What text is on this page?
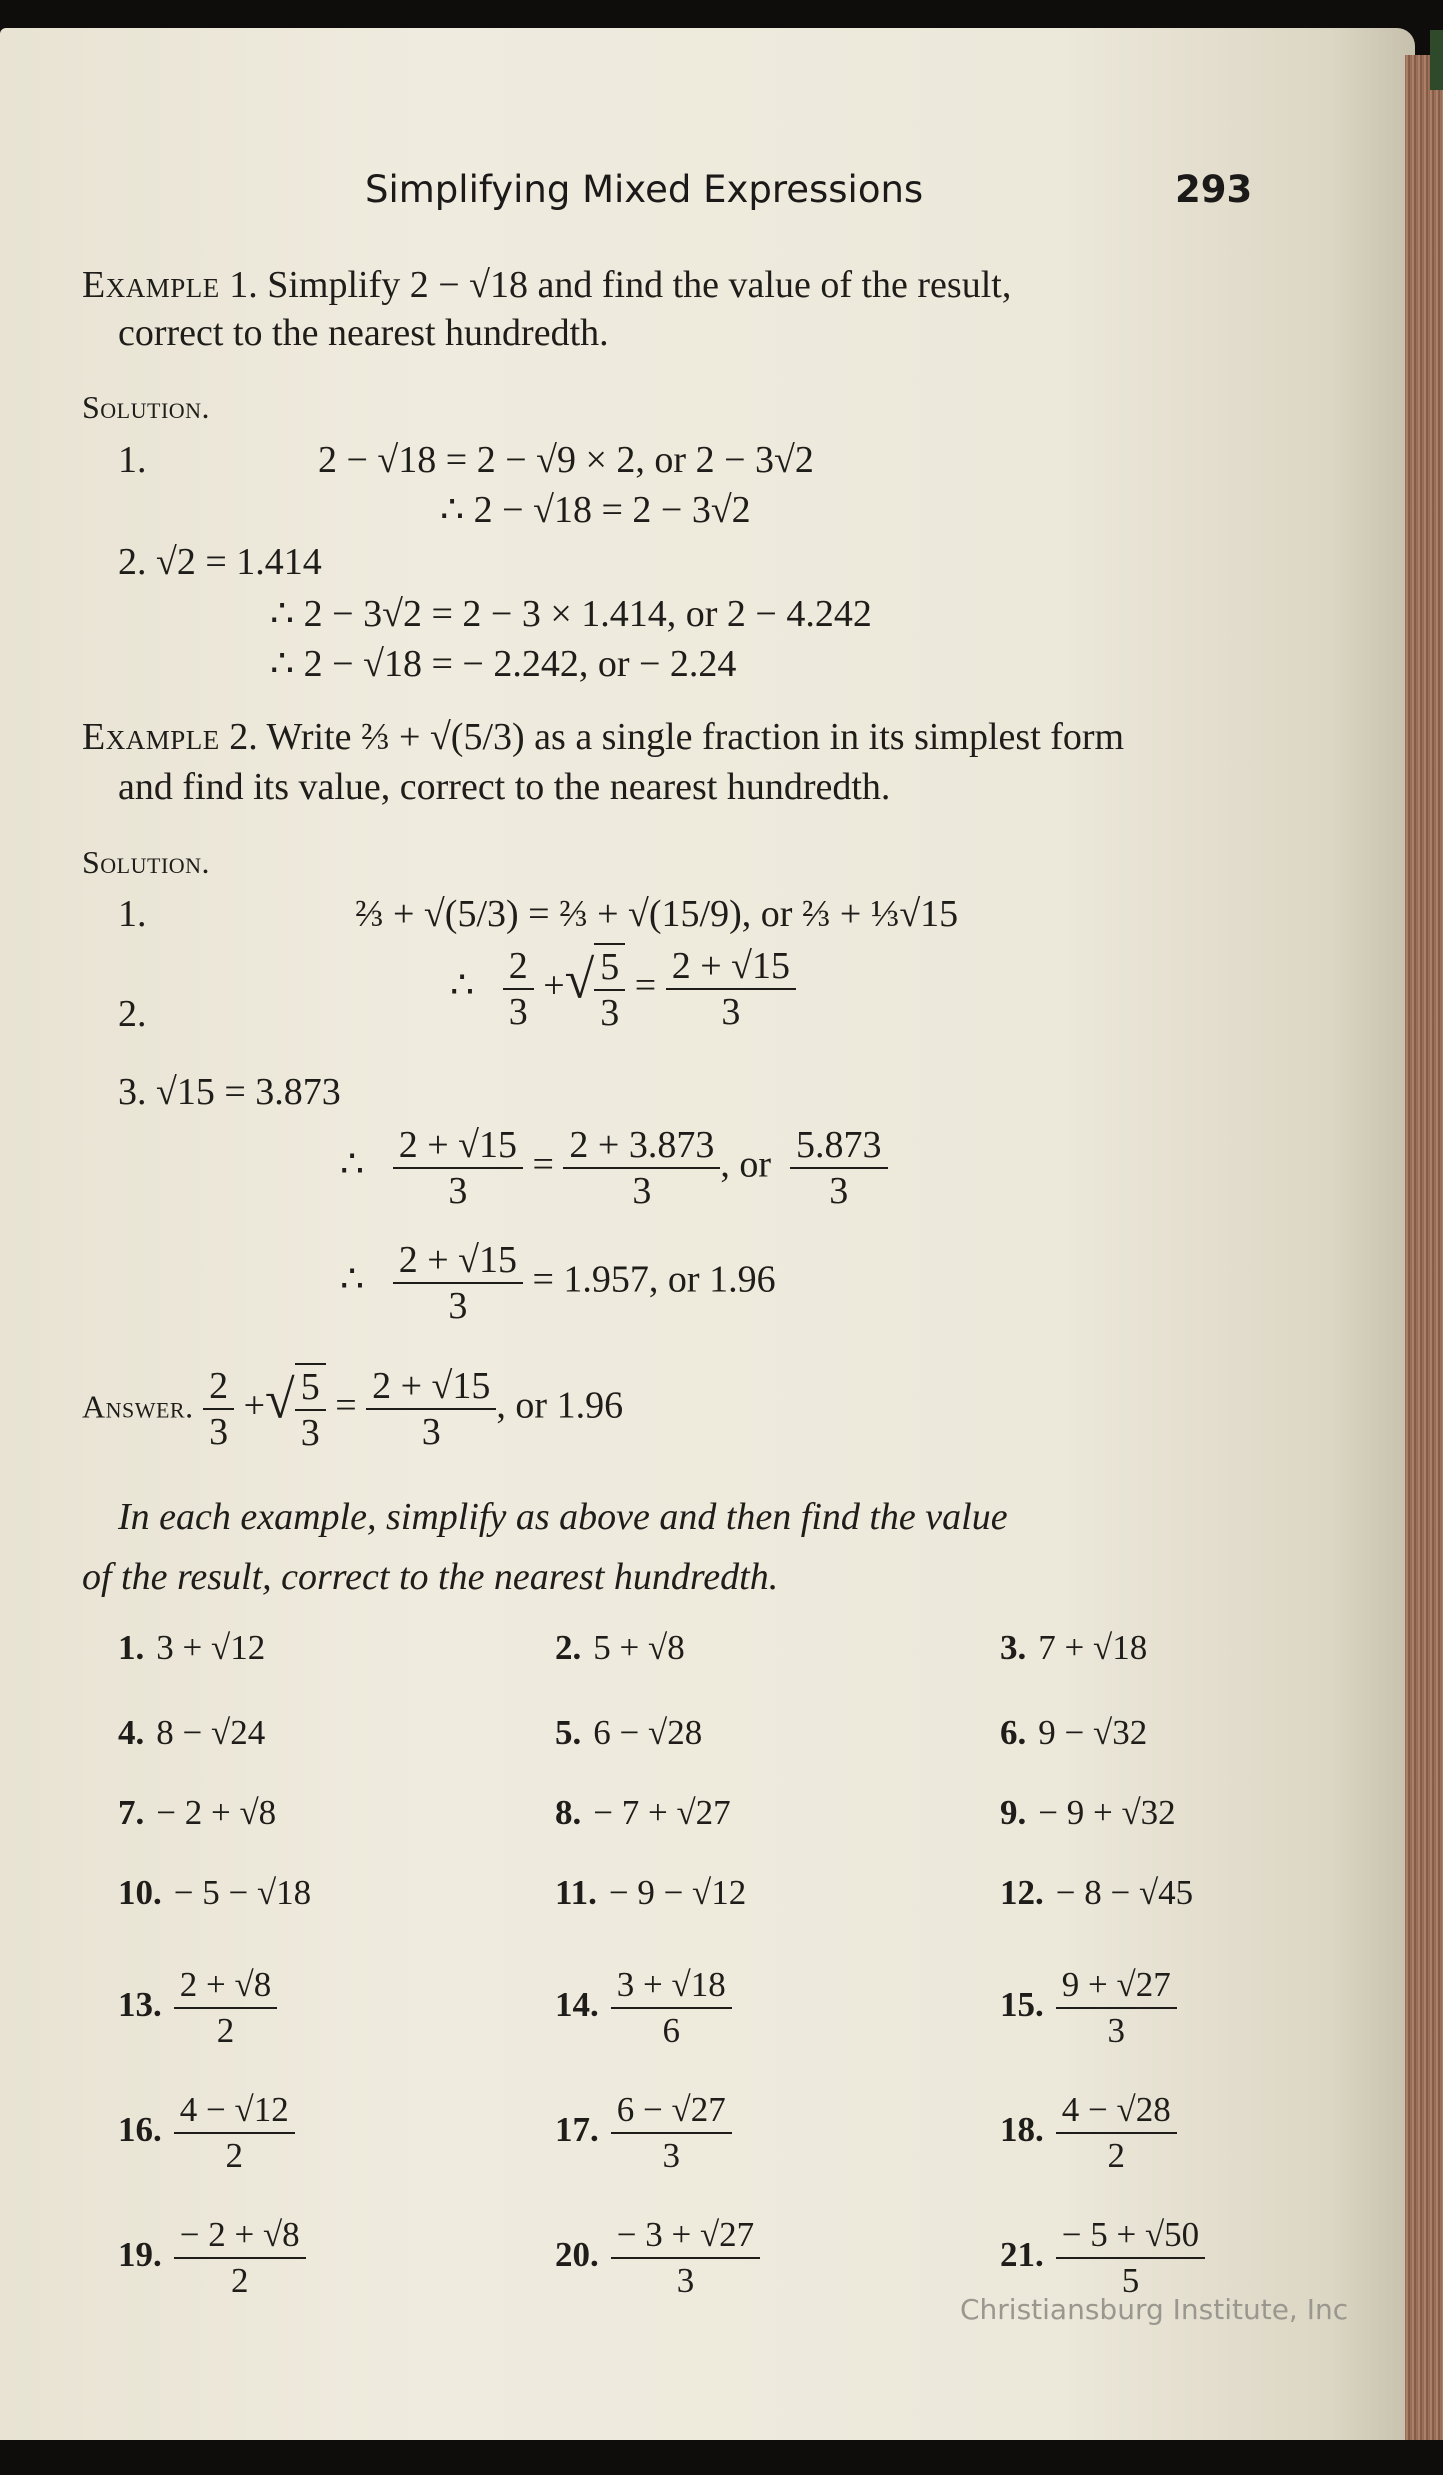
Simplifying Mixed Expressions	293
Example 1. Simplify 2 − √18 and find the value of the result,
correct to the nearest hundredth.
Solution.
1.	2 − √18 = 2 − √9 × 2, or 2 − 3√2
∴ 2 − √18 = 2 − 3√2
2. √2 = 1.414
∴ 2 − 3√2 = 2 − 3 × 1.414, or 2 − 4.242
∴ 2 − √18 = − 2.242, or − 2.24
Example 2. Write ⅔ + √(5/3) as a single fraction in its simplest form
and find its value, correct to the nearest hundredth.
Solution.
1.	⅔ + √(5/3) = ⅔ + √(15/9), or ⅔ + ⅓√15
2.
∴ $\frac{2}{3}$ +√ $\frac{5}{3} = \frac{2 + √15}{3}$
3. √15 = 3.873
∴ $\frac{2 + √15}{3} = \frac{2 + 3.873}{3}$ , or $\frac{5.873}{3}$
∴ $\frac{2 + √15}{3} = 1.957$, or 1.96
Answer. $\frac{2}{3}$ +√ $\frac{5}{3} = \frac{2 + √15}{3}$ , or 1.96
In each example, simplify as above and then find the value
of the result, correct to the nearest hundredth.
1. 3 + √12	2. 5 + √8	3. 7 + √18
4. 8 − √24	5. 6 − √28	6. 9 − √32
7. − 2 + √8	8. − 7 + √27	9. − 9 + √32
10. − 5 − √18	11. − 9 − √12	12. − 8 − √45
13. $\frac{2 + √8}{2}$	14. $\frac{3 + √18}{6}$	15. $\frac{9 + √27}{3}$
16. $\frac{4 - √12}{2}$	17. $\frac{6 - √27}{3}$	18. $\frac{4 - √28}{2}$
19. $\frac{- 2 + √8}{2}$	20. $\frac{- 3 + √27}{3}$	21. $\frac{- 5 + √50}{5}$
Christiansburg Institute, Inc
